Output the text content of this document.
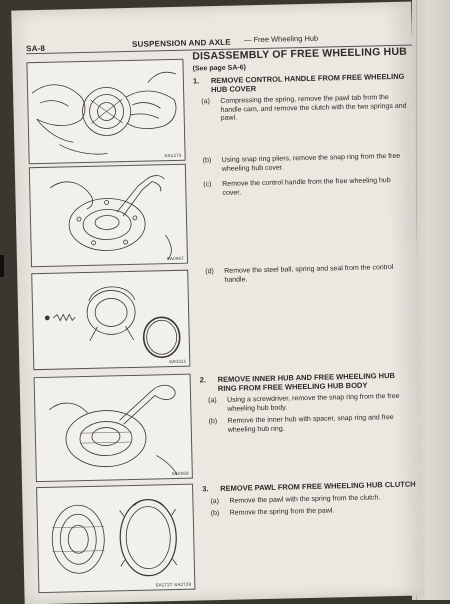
SA-8	SUSPENSION AND AXLE — Free Wheeling Hub
SA1273
SA0067
SA0321
SA0068
SA2727 SA2728
DISASSEMBLY OF FREE WHEELING HUB
(See page SA-6)
1. REMOVE CONTROL HANDLE FROM FREE WHEELING HUB COVER
(a) Compressing the spring, remove the pawl tab from the handle cam, and remove the clutch with the two springs and pawl.
(b) Using snap ring pliers, remove the snap ring from the free wheeling hub cover.
(c) Remove the control handle from the free wheeling hub cover.
(d) Remove the steel ball, spring and seal from the control handle.
2. REMOVE INNER HUB AND FREE WHEELING HUB RING FROM FREE WHEELING HUB BODY
(a) Using a screwdriver, remove the snap ring from the free wheeling hub body.
(b) Remove the inner hub with spacer, snap ring and free wheeling hub ring.
3. REMOVE PAWL FROM FREE WHEELING HUB CLUTCH
(a) Remove the pawl with the spring from the clutch.
(b) Remove the spring from the pawl.
